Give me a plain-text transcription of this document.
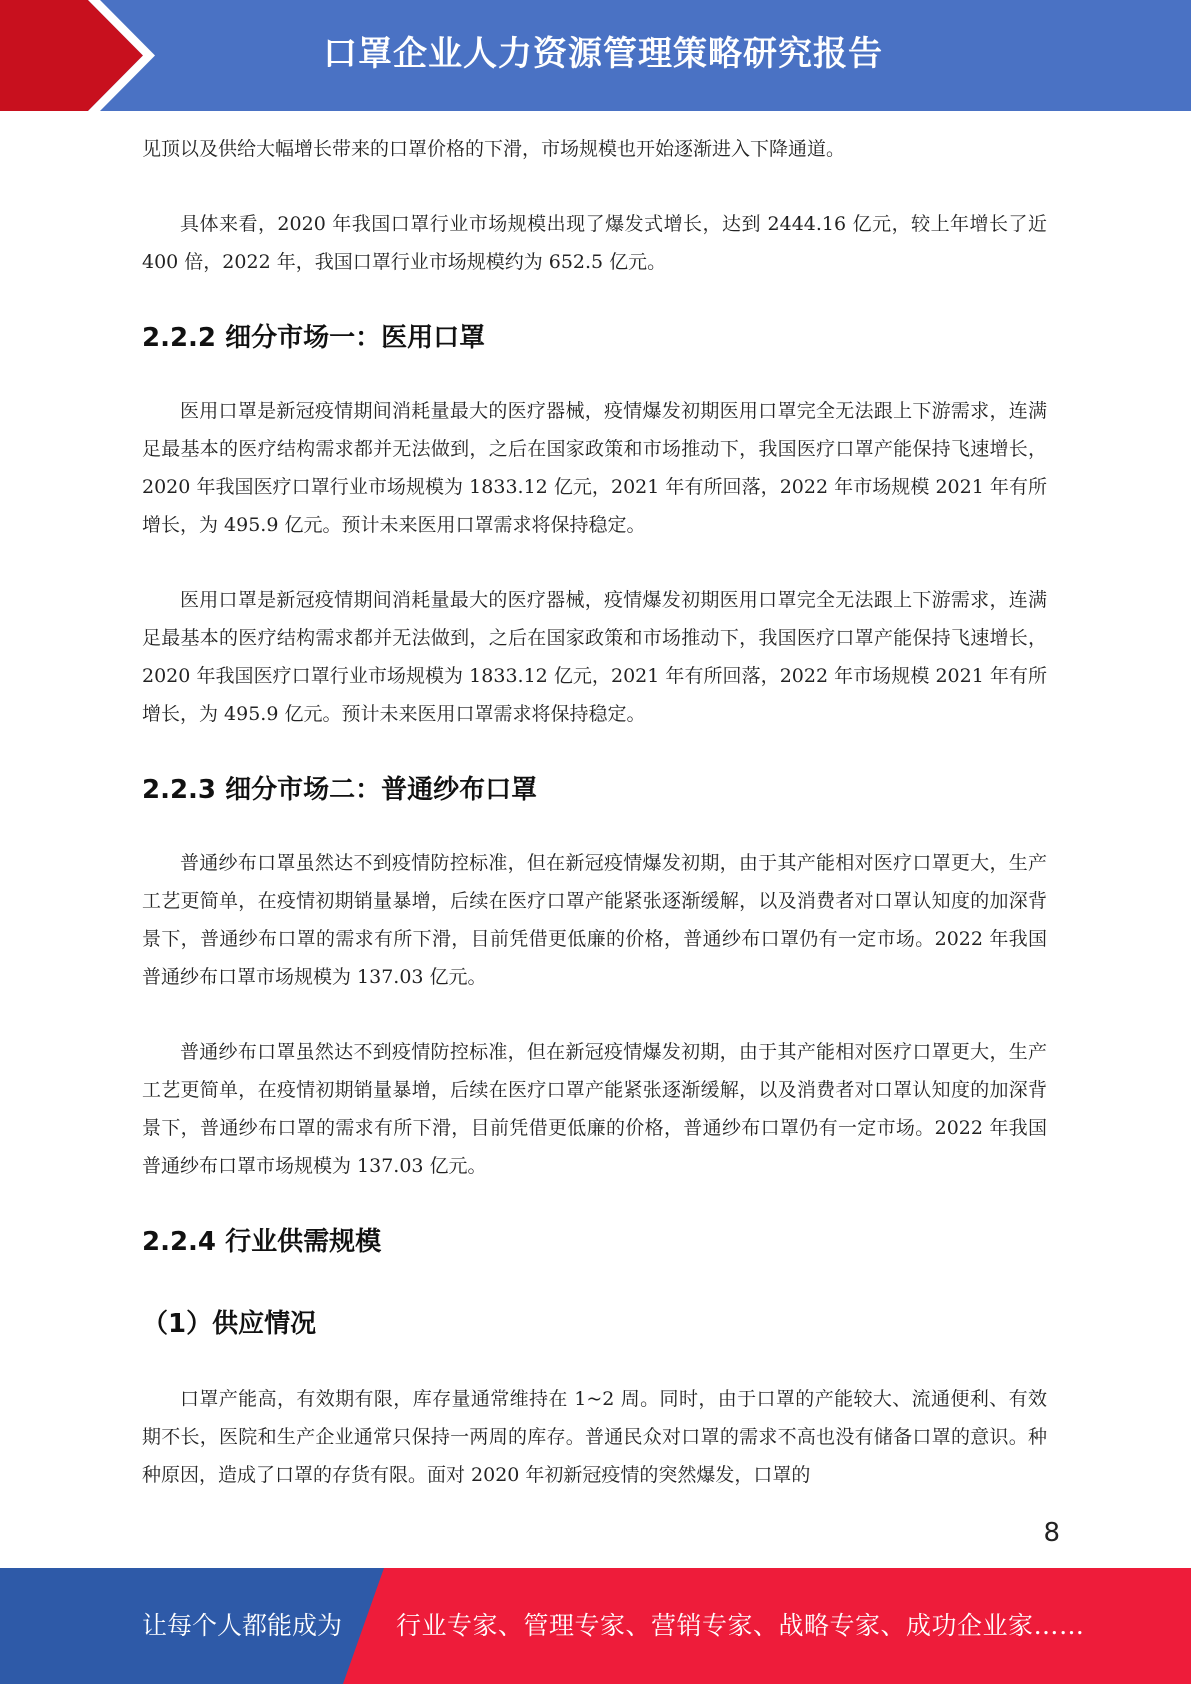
口罩企业人力资源管理策略研究报告

见顶以及供给大幅增长带来的口罩价格的下滑，市场规模也开始逐渐进入下降通道。

具体来看，2020 年我国口罩行业市场规模出现了爆发式增长，达到 2444.16 亿元，较上年增长了近 400 倍，2022 年，我国口罩行业市场规模约为 652.5 亿元。

2.2.2 细分市场一：医用口罩

医用口罩是新冠疫情期间消耗量最大的医疗器械，疫情爆发初期医用口罩完全无法跟上下游需求，连满足最基本的医疗结构需求都并无法做到，之后在国家政策和市场推动下，我国医疗口罩产能保持飞速增长，2020 年我国医疗口罩行业市场规模为 1833.12 亿元，2021 年有所回落，2022 年市场规模 2021 年有所增长，为 495.9 亿元。预计未来医用口罩需求将保持稳定。

医用口罩是新冠疫情期间消耗量最大的医疗器械，疫情爆发初期医用口罩完全无法跟上下游需求，连满足最基本的医疗结构需求都并无法做到，之后在国家政策和市场推动下，我国医疗口罩产能保持飞速增长，2020 年我国医疗口罩行业市场规模为 1833.12 亿元，2021 年有所回落，2022 年市场规模 2021 年有所增长，为 495.9 亿元。预计未来医用口罩需求将保持稳定。

2.2.3 细分市场二：普通纱布口罩

普通纱布口罩虽然达不到疫情防控标准，但在新冠疫情爆发初期，由于其产能相对医疗口罩更大，生产工艺更简单，在疫情初期销量暴增，后续在医疗口罩产能紧张逐渐缓解，以及消费者对口罩认知度的加深背景下，普通纱布口罩的需求有所下滑，目前凭借更低廉的价格，普通纱布口罩仍有一定市场。2022 年我国普通纱布口罩市场规模为 137.03 亿元。

普通纱布口罩虽然达不到疫情防控标准，但在新冠疫情爆发初期，由于其产能相对医疗口罩更大，生产工艺更简单，在疫情初期销量暴增，后续在医疗口罩产能紧张逐渐缓解，以及消费者对口罩认知度的加深背景下，普通纱布口罩的需求有所下滑，目前凭借更低廉的价格，普通纱布口罩仍有一定市场。2022 年我国普通纱布口罩市场规模为 137.03 亿元。

2.2.4 行业供需规模
（1）供应情况

口罩产能高，有效期有限，库存量通常维持在 1~2 周。同时，由于口罩的产能较大、流通便利、有效期不长，医院和生产企业通常只保持一两周的库存。普通民众对口罩的需求不高也没有储备口罩的意识。种种原因，造成了口罩的存货有限。面对 2020 年初新冠疫情的突然爆发，口罩的

8
让每个人都能成为 行业专家、管理专家、营销专家、战略专家、成功企业家……
